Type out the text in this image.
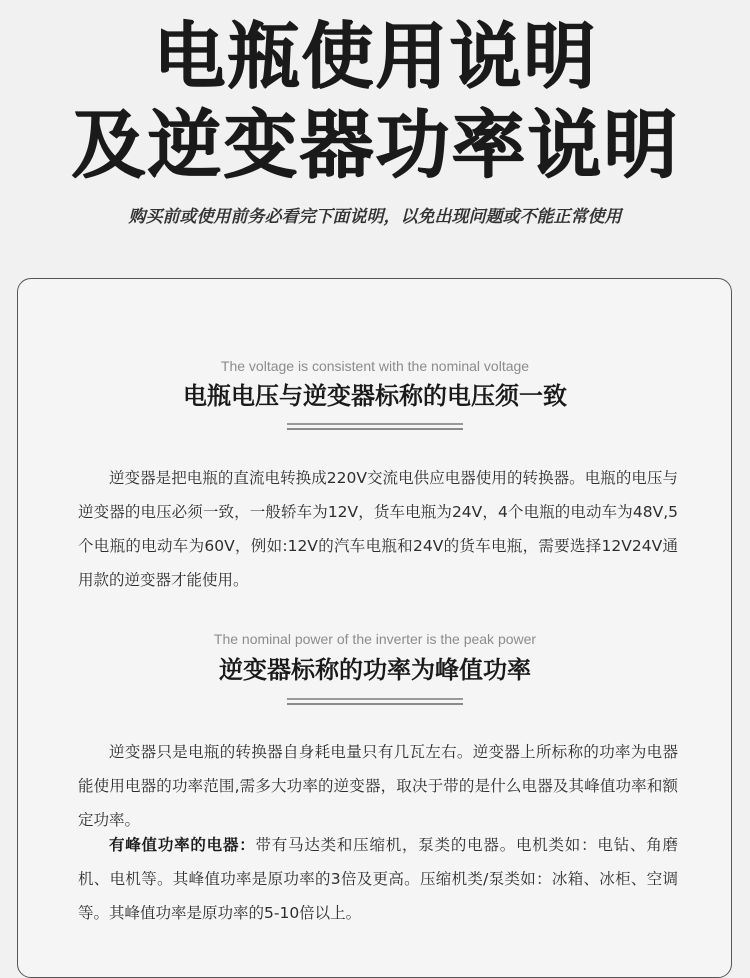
电瓶使用说明
及逆变器功率说明
购买前或使用前务必看完下面说明，以免出现问题或不能正常使用
The voltage is consistent with the nominal voltage
电瓶电压与逆变器标称的电压须一致

逆变器是把电瓶的直流电转换成220V交流电供应电器使用的转换器。电瓶的电压与逆变器的电压必须一致，一般轿车为12V，货车电瓶为24V，4个电瓶的电动车为48V,5个电瓶的电动车为60V，例如:12V的汽车电瓶和24V的货车电瓶，需要选择12V24V通用款的逆变器才能使用。

The nominal power of the inverter is the peak power
逆变器标称的功率为峰值功率

逆变器只是电瓶的转换器自身耗电量只有几瓦左右。逆变器上所标称的功率为电器能使用电器的功率范围,需多大功率的逆变器，取决于带的是什么电器及其峰值功率和额定功率。

有峰值功率的电器：带有马达类和压缩机，泵类的电器。电机类如：电钻、角磨机、电机等。其峰值功率是原功率的3倍及更高。压缩机类/泵类如：冰箱、冰柜、空调等。其峰值功率是原功率的5-10倍以上。
